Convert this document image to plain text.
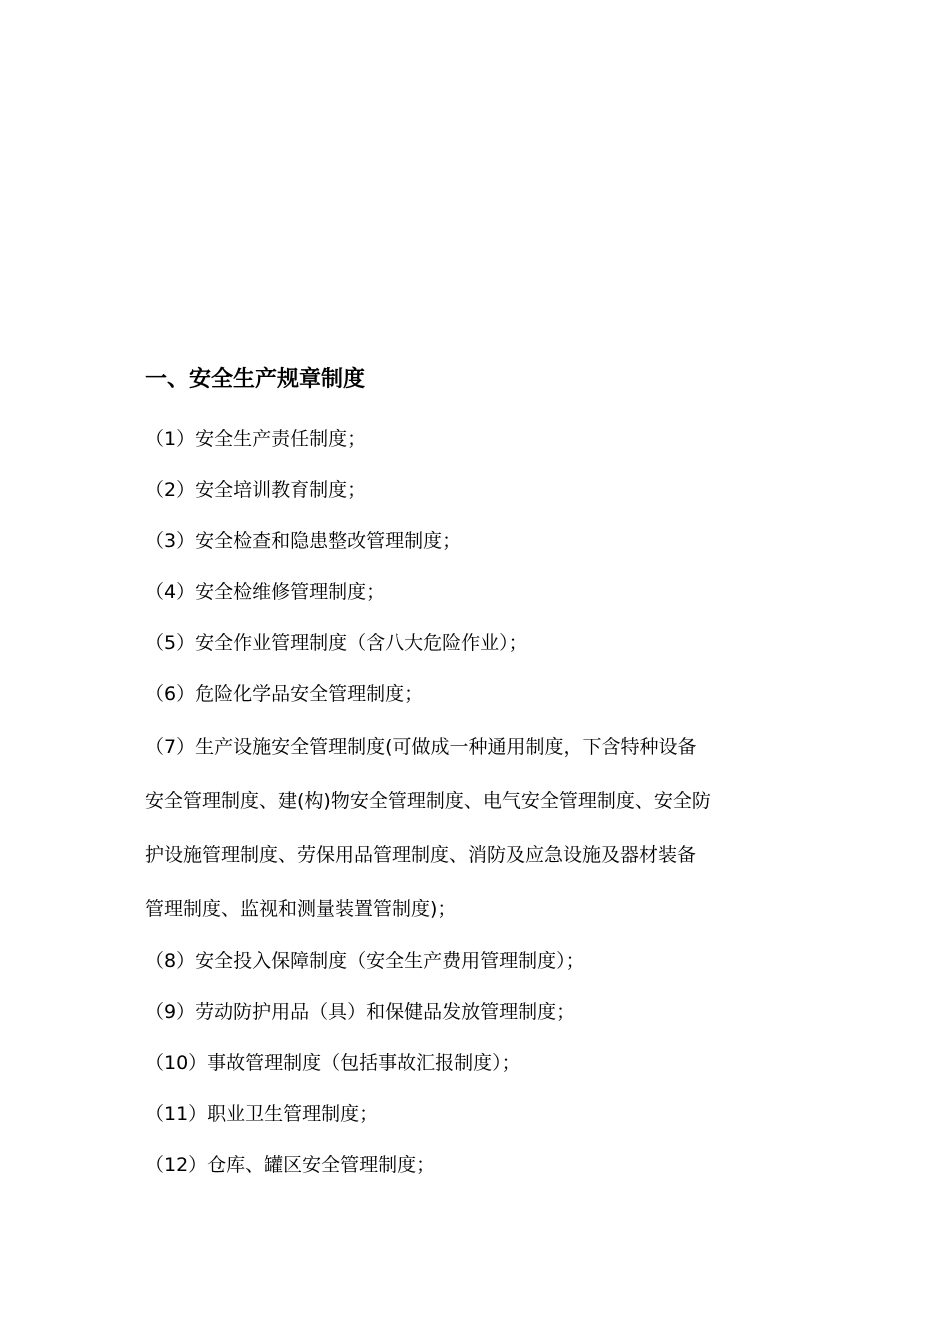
一、安全生产规章制度
（1）安全生产责任制度；
（2）安全培训教育制度；
（3）安全检查和隐患整改管理制度；
（4）安全检维修管理制度；
（5）安全作业管理制度（含八大危险作业）；
（6）危险化学品安全管理制度；
（7）生产设施安全管理制度(可做成一种通用制度，下含特种设备
安全管理制度、建(构)物安全管理制度、电气安全管理制度、安全防
护设施管理制度、劳保用品管理制度、消防及应急设施及器材装备
管理制度、监视和测量装置管制度)；
（8）安全投入保障制度（安全生产费用管理制度）；
（9）劳动防护用品（具）和保健品发放管理制度；
（10）事故管理制度（包括事故汇报制度）；
（11）职业卫生管理制度；
（12）仓库、罐区安全管理制度；
